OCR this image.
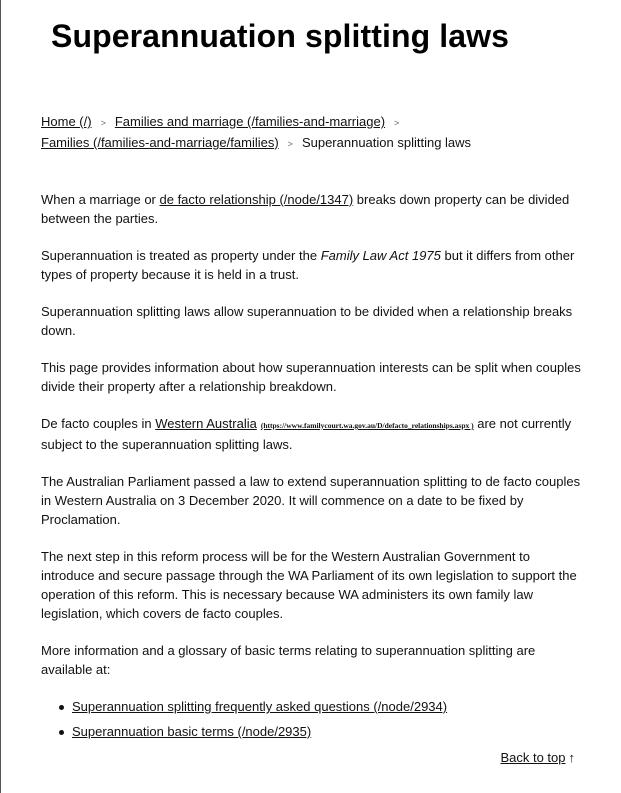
Superannuation splitting laws
Home (/) > Families and marriage (/families-and-marriage) >
Families (/families-and-marriage/families) > Superannuation splitting laws

When a marriage or de facto relationship (/node/1347) breaks down property can be divided between the parties.

Superannuation is treated as property under the Family Law Act 1975 but it differs from other types of property because it is held in a trust.

Superannuation splitting laws allow superannuation to be divided when a relationship breaks down.

This page provides information about how superannuation interests can be split when couples divide their property after a relationship breakdown.

De facto couples in Western Australia (https://www.familycourt.wa.gov.au/D/defacto_relationships.aspx ) are not currently subject to the superannuation splitting laws.

The Australian Parliament passed a law to extend superannuation splitting to de facto couples in Western Australia on 3 December 2020. It will commence on a date to be fixed by Proclamation.

The next step in this reform process will be for the Western Australian Government to introduce and secure passage through the WA Parliament of its own legislation to support the operation of this reform. This is necessary because WA administers its own family law legislation, which covers de facto couples.

More information and a glossary of basic terms relating to superannuation splitting are available at:

Superannuation splitting frequently asked questions (/node/2934)
Superannuation basic terms (/node/2935)
Back to top ↑
